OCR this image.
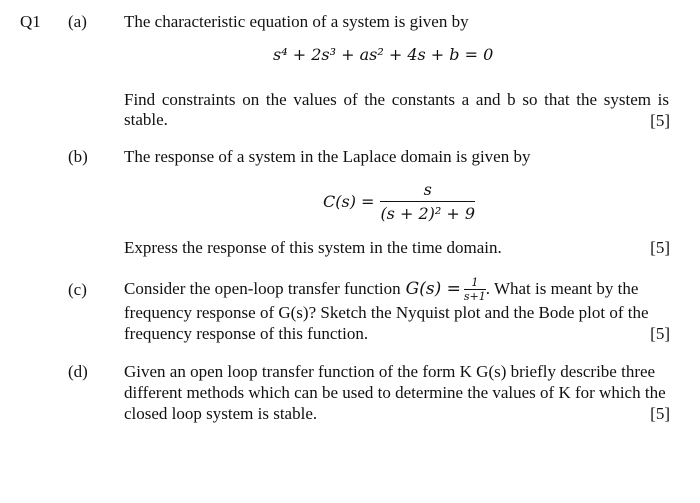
Q1 (a) The characteristic equation of a system is given by
s⁴ + 2s³ + as² + 4s + b = 0
Find constraints on the values of the constants a and b so that the system is stable.	[5]
(b) The response of a system in the Laplace domain is given by
$C(s) = \frac{s}{\text{(s + 2)² + 9}}$
Express the response of this system in the time domain.	[5]
(c) Consider the open-loop transfer function $G(s) = \frac{1}{s+1}$ . What is meant by the
frequency response of G(s)? Sketch the Nyquist plot and the Bode plot of the
frequency response of this function.	[5]
(d) Given an open loop transfer function of the form K G(s) briefly describe three
different methods which can be used to determine the values of K for which the
closed loop system is stable.	[5]
